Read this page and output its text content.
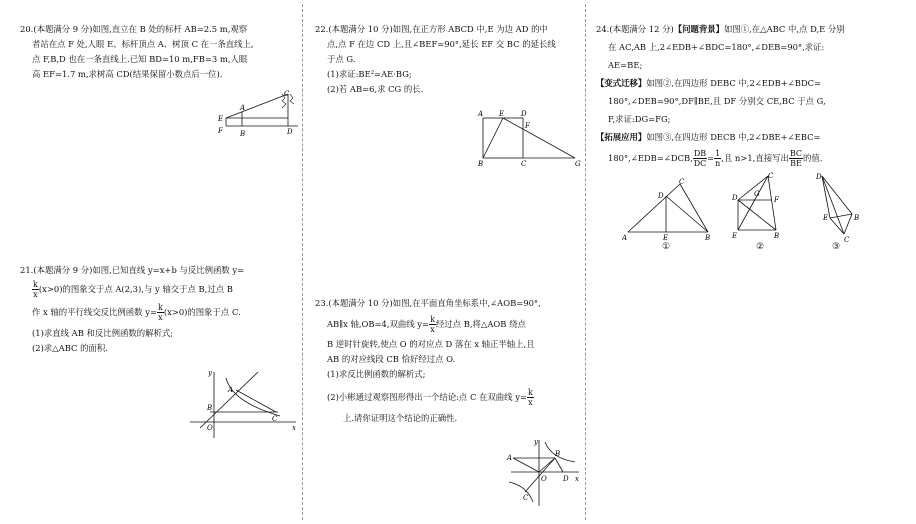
20.(本题满分 9 分)如图,直立在 B 处的标杆 AB=2.5 m,观察

者站在点 F 处,人眼 E、标杆顶点 A、树顶 C 在一条直线上,

点 F,B,D 也在一条直线上.已知 BD=10 m,FB=3 m,人眼

高 EF=1.7 m,求树高 CD(结果保留小数点后一位).

A
B
C
D
E
F

21.(本题满分 9 分)如图,已知直线 y=x+b 与反比例函数 y=

$\frac{k}{x} (x>0)$的图象交于点 A(2,3),与 y 轴交于点 B,过点 B

作 x 轴的平行线交反比例函数 $y= \frac{k}{x} (x>0)$的图象于点 C.

(1)求直线 AB 和反比例函数的解析式;

(2)求△ABC 的面积.

y
x
A
B
C
O

22.(本题满分 10 分)如图,在正方形 ABCD 中,E 为边 AD 的中

点,点 F 在边 CD 上,且∠BEF=90°,延长 EF 交 BC 的延长线

于点 G.

(1)求证:BE²=AE·BG;

(2)若 AB=6,求 CG 的长.

A E D
F
B	C	G

23.(本题满分 10 分)如图,在平面直角坐标系中,∠AOB=90°,

AB∥x 轴,OB=4,双曲线 $y= \frac{k}{x}$ 经过点 B,将△AOB 绕点

B 逆时针旋转,使点 O 的对应点 D 落在 x 轴正半轴上,且

AB 的对应线段 CB 恰好经过点 O.

(1)求反比例函数的解析式;

(2)小彬通过观察图形得出一个结论:点 C 在双曲线 $y= \frac{k}{x}$

上.请你证明这个结论的正确性.

y
x
A	B
C
D
O

24.(本题满分 12 分)【问题背景】如图①,在△ABC 中,点 D,E 分别

在 AC,AB 上,2∠EDB+∠BDC=180°,∠DEB=90°,求证:

AE=BE;

【变式迁移】如图②,在四边形 DEBC 中,2∠EDB+∠BDC=

180°,∠DEB=90°,DF∥BE,且 DF 分别交 CE,BC 于点 G,

F,求证:DG=FG;

【拓展应用】如图③,在四边形 DECB 中,2∠DBE+∠EBC=

180°,∠EDB=∠DCB, $\frac{DB}{DC} = \frac{1}{n}$ ,且 n>1,直接写出 $\frac{BC}{BE}$ 的值.

A	B
C
D
E
①
D
C
G
F
E	B
②
D
E	B
C
③
